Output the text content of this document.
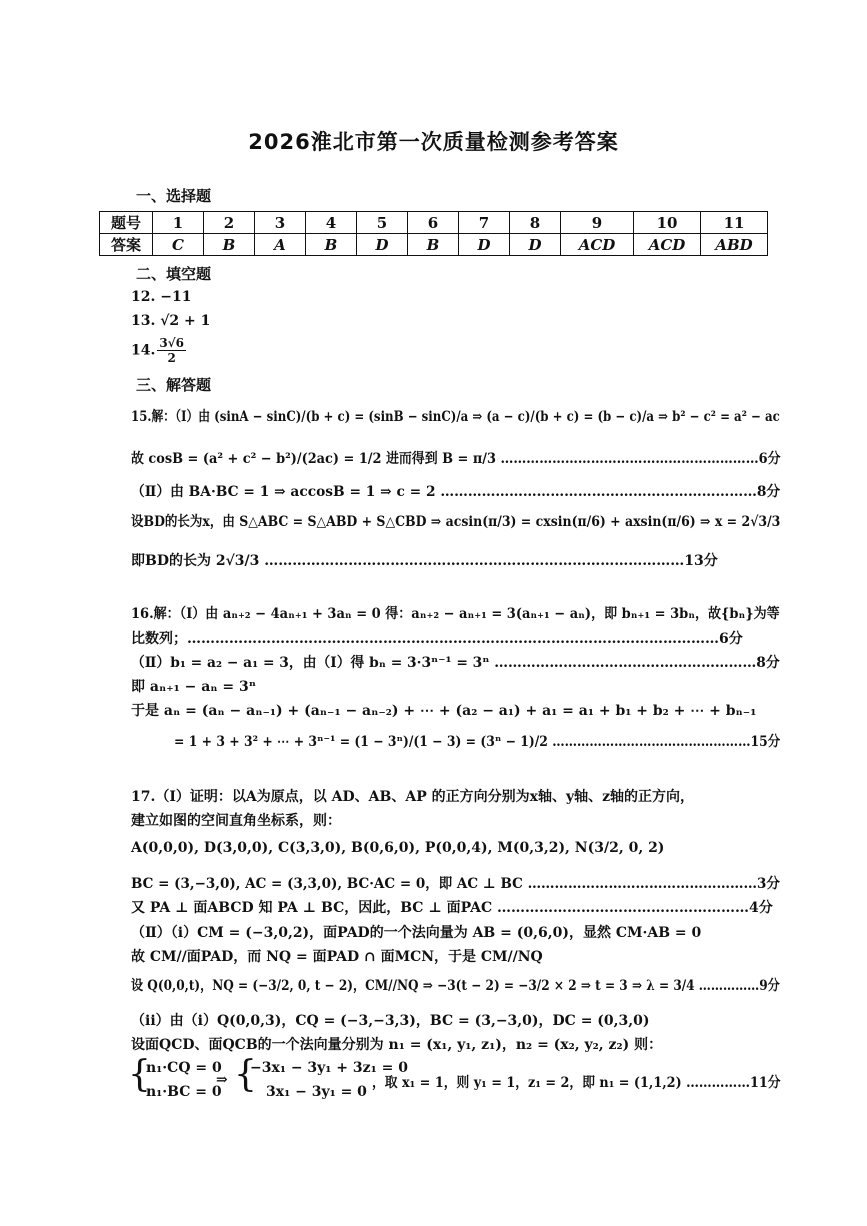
2026淮北市第一次质量检测参考答案
一、选择题
题号	1	2	3	4	5	6	7	8	9	10	11
答案	C	B	A	B	D	B	D	D	ACD	ACD	ABD
二、填空题
12. −11
13. √2 + 1
14. $\frac{3√6}{2}$
三、解答题
15.解：（Ⅰ）由 (sinA − sinC)/(b + c) = (sinB − sinC)/a ⇒ (a − c)/(b + c) = (b − c)/a ⇒ b² − c² = a² − ac
故 cosB = (a² + c² − b²)/(2ac) = 1/2 进而得到 B = π/3 ……………………………………………………6分
（Ⅱ）由 BA·BC = 1 ⇒ accosB = 1 ⇒ c = 2 ……………………………………………………………8分
设BD的长为x，由 S△ABC = S△ABD + S△CBD ⇒ acsin(π/3) = cxsin(π/6) + axsin(π/6) ⇒ x = 2√3/3
即BD的长为 2√3/3 ………………………………………………………………………………13分
16.解：（Ⅰ）由 aₙ₊₂ − 4aₙ₊₁ + 3aₙ = 0 得：aₙ₊₂ − aₙ₊₁ = 3(aₙ₊₁ − aₙ)，即 bₙ₊₁ = 3bₙ，故{bₙ}为等
比数列；……………………………………………………………………………………………………6分
（Ⅱ）b₁ = a₂ − a₁ = 3，由（Ⅰ）得 bₙ = 3·3ⁿ⁻¹ = 3ⁿ …………………………………………………8分
即 aₙ₊₁ − aₙ = 3ⁿ
于是 aₙ = (aₙ − aₙ₋₁) + (aₙ₋₁ − aₙ₋₂) + ⋯ + (a₂ − a₁) + a₁ = a₁ + b₁ + b₂ + ⋯ + bₙ₋₁
= 1 + 3 + 3² + ⋯ + 3ⁿ⁻¹ = (1 − 3ⁿ)/(1 − 3) = (3ⁿ − 1)/2 …………………………………………15分
17.（Ⅰ）证明：以A为原点，以 AD、AB、AP 的正方向分别为x轴、y轴、z轴的正方向，
建立如图的空间直角坐标系，则：
A(0,0,0), D(3,0,0), C(3,3,0), B(0,6,0), P(0,0,4), M(0,3,2), N(3/2, 0, 2)
BC = (3,−3,0), AC = (3,3,0), BC·AC = 0，即 AC ⊥ BC ……………………………………………3分
又 PA ⊥ 面ABCD 知 PA ⊥ BC，因此，BC ⊥ 面PAC ………………………………………………4分
（Ⅱ）（i）CM = (−3,0,2)，面PAD的一个法向量为 AB = (0,6,0)，显然 CM·AB = 0
故 CM//面PAD，而 NQ = 面PAD ∩ 面MCN，于是 CM//NQ
设 Q(0,0,t)，NQ = (−3/2, 0, t − 2)，CM//NQ ⇒ −3(t − 2) = −3/2 × 2 ⇒ t = 3 ⇒ λ = 3/4 ……………9分
（ii）由（i）Q(0,0,3)，CQ = (−3,−3,3)，BC = (3,−3,0)，DC = (0,3,0)
设面QCD、面QCB的一个法向量分别为 n₁ = (x₁, y₁, z₁)，n₂ = (x₂, y₂, z₂) 则：
{
n₁·CQ = 0
n₁·BC = 0
⇒ {
−3x₁ − 3y₁ + 3z₁ = 0
3x₁ − 3y₁ = 0
，取 x₁ = 1，则 y₁ = 1，z₁ = 2，即 n₁ = (1,1,2) ……………11分
